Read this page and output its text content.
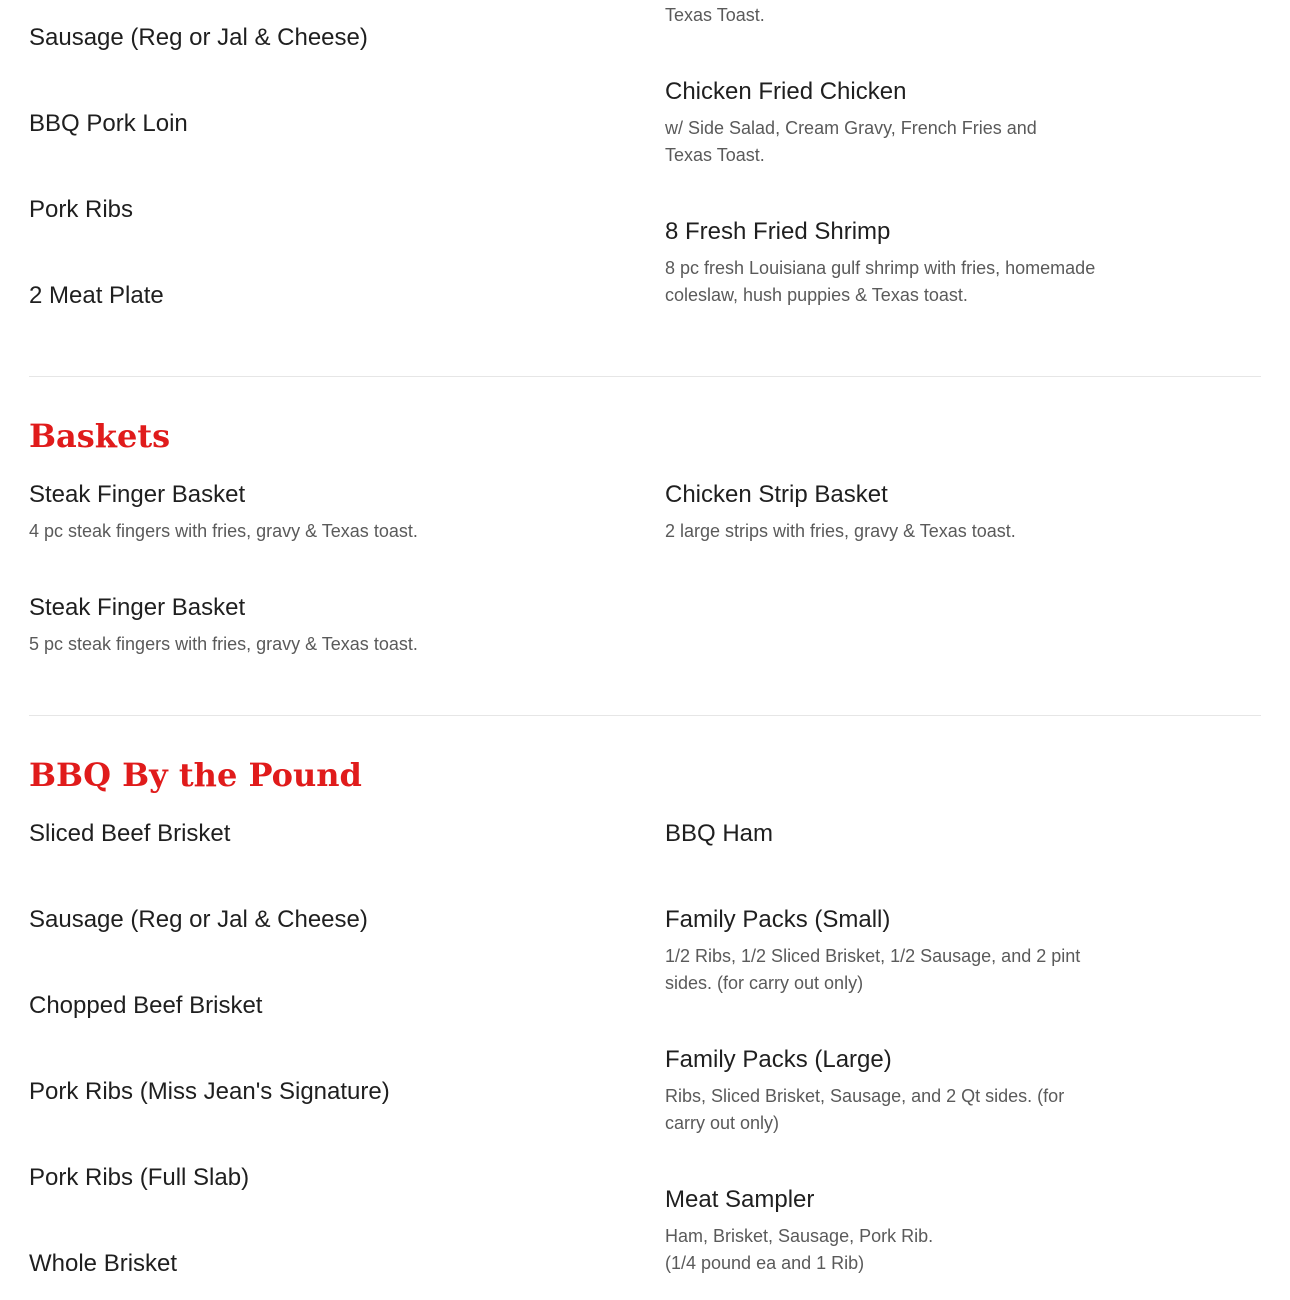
Sausage (Reg or Jal & Cheese)
BBQ Pork Loin
Pork Ribs
2 Meat Plate
Texas Toast.
Chicken Fried Chicken
w/ Side Salad, Cream Gravy, French Fries and Texas Toast.
8 Fresh Fried Shrimp
8 pc fresh Louisiana gulf shrimp with fries, homemade coleslaw, hush puppies & Texas toast.
Baskets
Steak Finger Basket
4 pc steak fingers with fries, gravy & Texas toast.
Steak Finger Basket
5 pc steak fingers with fries, gravy & Texas toast.
Chicken Strip Basket
2 large strips with fries, gravy & Texas toast.
BBQ By the Pound
Sliced Beef Brisket
Sausage (Reg or Jal & Cheese)
Chopped Beef Brisket
Pork Ribs (Miss Jean's Signature)
Pork Ribs (Full Slab)
Whole Brisket
BBQ Ham
Family Packs (Small)
1/2 Ribs, 1/2 Sliced Brisket, 1/2 Sausage, and 2 pint sides. (for carry out only)
Family Packs (Large)
Ribs, Sliced Brisket, Sausage, and 2 Qt sides. (for carry out only)
Meat Sampler
Ham, Brisket, Sausage, Pork Rib.
(1/4 pound ea and 1 Rib)
